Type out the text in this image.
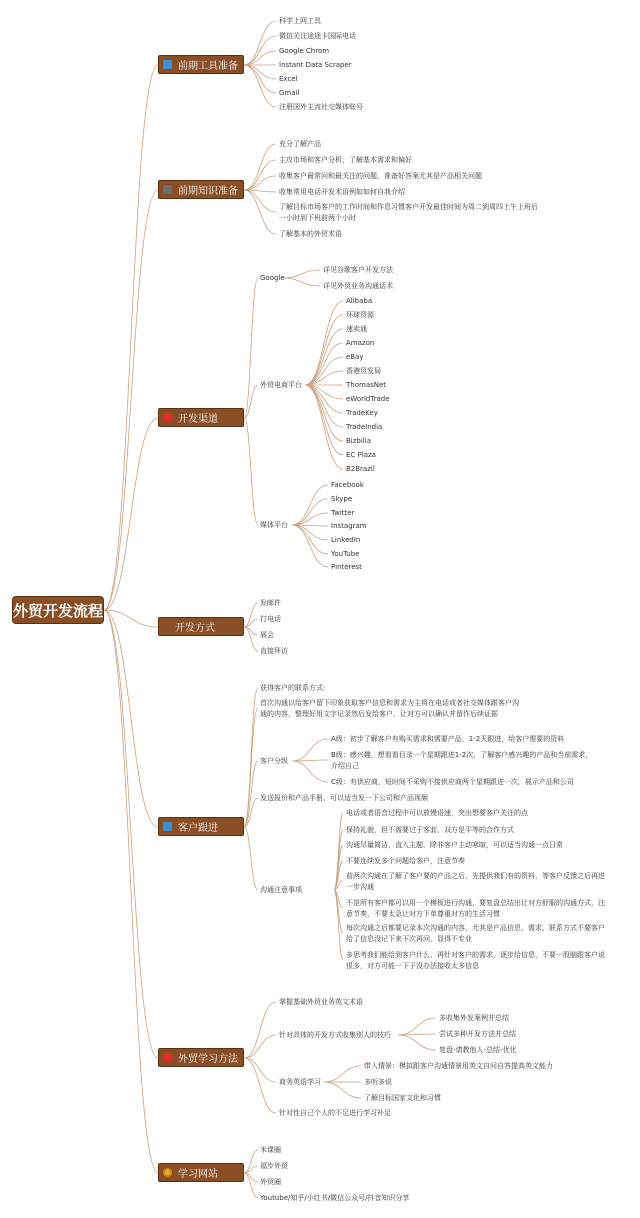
外贸开发流程
前期工具准备
前期知识准备
开发渠道
开发方式
客户跟进
外贸学习方法
学习网站
科学上网工具
微信关注途途卡国际电话
Google Chrom
Instant Data Scraper
Excel
Gmail
注册国外主流社交媒体账号
充分了解产品
主攻市场和客户分析，了解基本需求和偏好
收集客户最常问和最关注的问题，准备好答案尤其是产品相关问题
收集常用电话开发术语例如如何自我介绍
了解目标市场客户的工作时间和作息习惯客户开发最佳时间为周二到周四上午上班后一小时到下班前两个小时
了解基本的外贸术语
Google
详见谷歌客户开发方法
详见外贸业务沟通话术
外贸电商平台
Alibaba
环球资源
速卖通
Amazon
eBay
香港贸发局
ThomasNet
eWorldTrade
TradeKey
TradeIndia
Bizbilla
EC Plaza
B2Brazil
媒体平台
Facebook
Skype
Twitter
Instagram
LinkedIn
YouTube
Pinterest
发邮件
打电话
展会
直接拜访
获得客户的联系方式:
首次沟通以给客户留下印象获取客户信息和需求为主将在电话或者社交媒体跟客户沟通的内容，整理好用文字记录然后发给客户，让对方可以确认并留作后续证据
客户分级
A级：初步了解客户有购买需求和需要产品，1-2天跟进，给客户需要的资料
B级：感兴趣，想看看目录一个星期跟进1-2次，了解客户感兴趣的产品和当前需求，介绍自己
C级：有供应商，短时间不采购不接供应商两个星期跟进一次，展示产品和公司
发送报价和产品手册，可以适当发一下公司和产品视频
沟通注意事项
电话或者语音过程中可以放慢语速，突出想要客户关注的点
保持礼貌，但不需要过于客套，双方是平等的合作方式
沟通尽量简洁，直入主题，除非客户主动寒暄，可以适当沟通一点日常
不要连续发多个问题给客户，注意节奏
前两次沟通在了解了客户要的产品之后，先提供我们有的资料，等客户反馈之后再进一步沟通
不是所有客户都可以用一个模板进行沟通，要复盘总结出让对方舒服的沟通方式，注意节奏，不要太急让对方下单尊重对方的生活习惯
每次沟通之后都要记录本次沟通的内容，尤其是产品信息，需求，联系方式不要客户给了信息没记下来下次再问，显得不专业
多思考我们能给到客户什么，再针对客户的需求，逐步给信息，不要一股脑跟客户说很多，对方可能一下子没办法接收太多信息
掌握基础外贸业务英文术语
针对具体的开发方式收集别人的技巧
多收集外发案例并总结
尝试多种开发方法并总结
复盘-请教他人-总结-优化
商务英语学习
带入情景：模拟跟客户沟通情景用英文自问自答提高英文能力
多听多说
了解目标国家文化和习惯
针对性自己个人的不足进行学习补足
米课圈
福步外贸
外贸圈
Youtube/知乎/小红书/微信公众号/抖音知识分享
